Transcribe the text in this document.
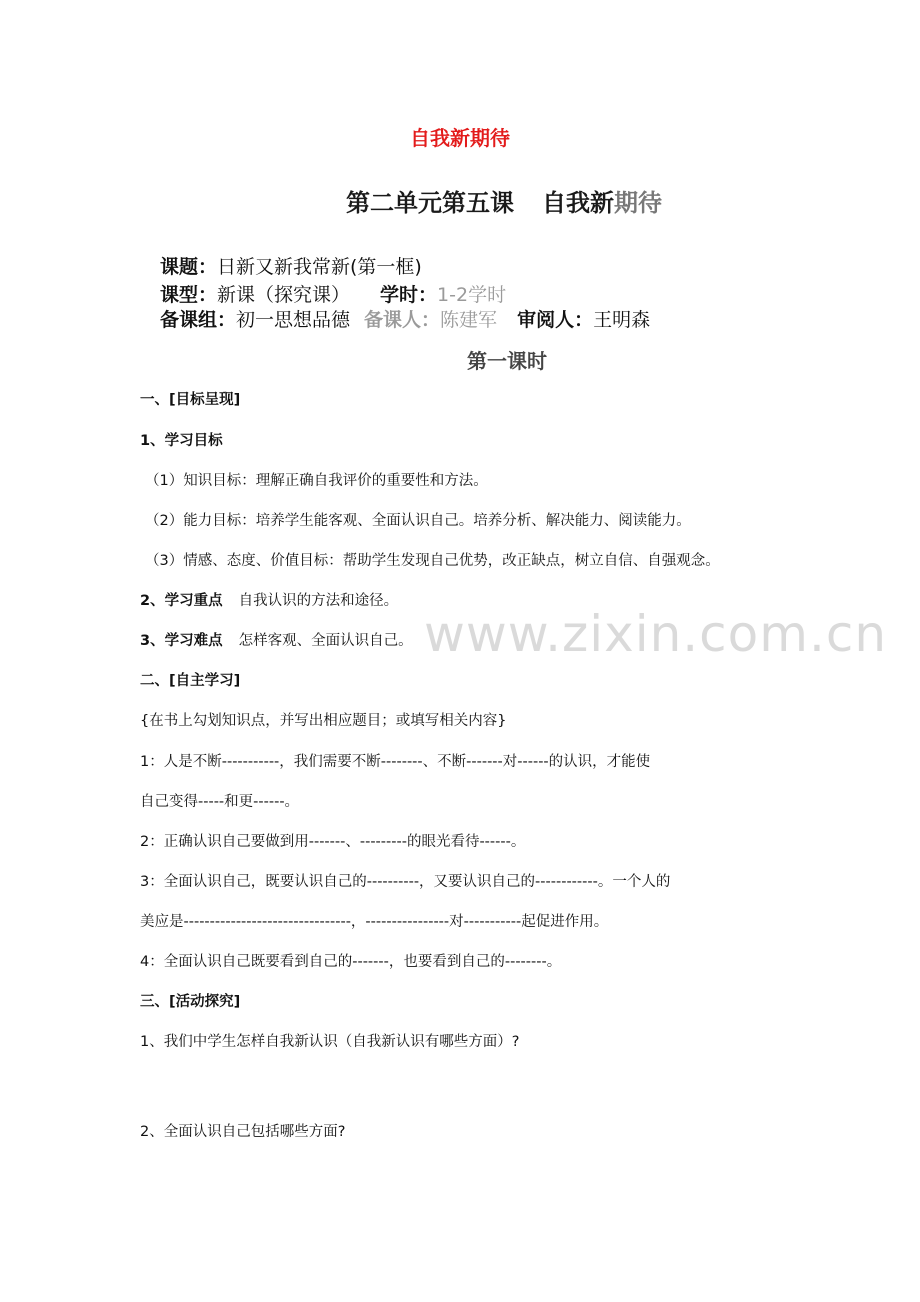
自我新期待
第二单元第五课 自我新期待
课题：日新又新我常新(第一框)
课型：新课（探究课） 学时：1-2学时
备课组：初一思想品德 备课人：陈建军 审阅人：王明森
第一课时
一、[目标呈现]
1、学习目标
（1）知识目标：理解正确自我评价的重要性和方法。
（2）能力目标：培养学生能客观、全面认识自己。培养分析、解决能力、阅读能力。
（3）情感、态度、价值目标：帮助学生发现自己优势，改正缺点，树立自信、自强观念。
2、学习重点 自我认识的方法和途径。
3、学习难点 怎样客观、全面认识自己。 www.zixin.com.cn
二、[自主学习]
{在书上勾划知识点，并写出相应题目；或填写相关内容}
1：人是不断-----------，我们需要不断--------、不断-------对------的认识，才能使
自己变得-----和更------。
2：正确认识自己要做到用-------、---------的眼光看待------。
3：全面认识自己，既要认识自己的----------，又要认识自己的------------。一个人的
美应是--------------------------------，----------------对-----------起促进作用。
4：全面认识自己既要看到自己的-------，也要看到自己的--------。
三、[活动探究]
1、我们中学生怎样自我新认识（自我新认识有哪些方面）?
2、全面认识自己包括哪些方面?
